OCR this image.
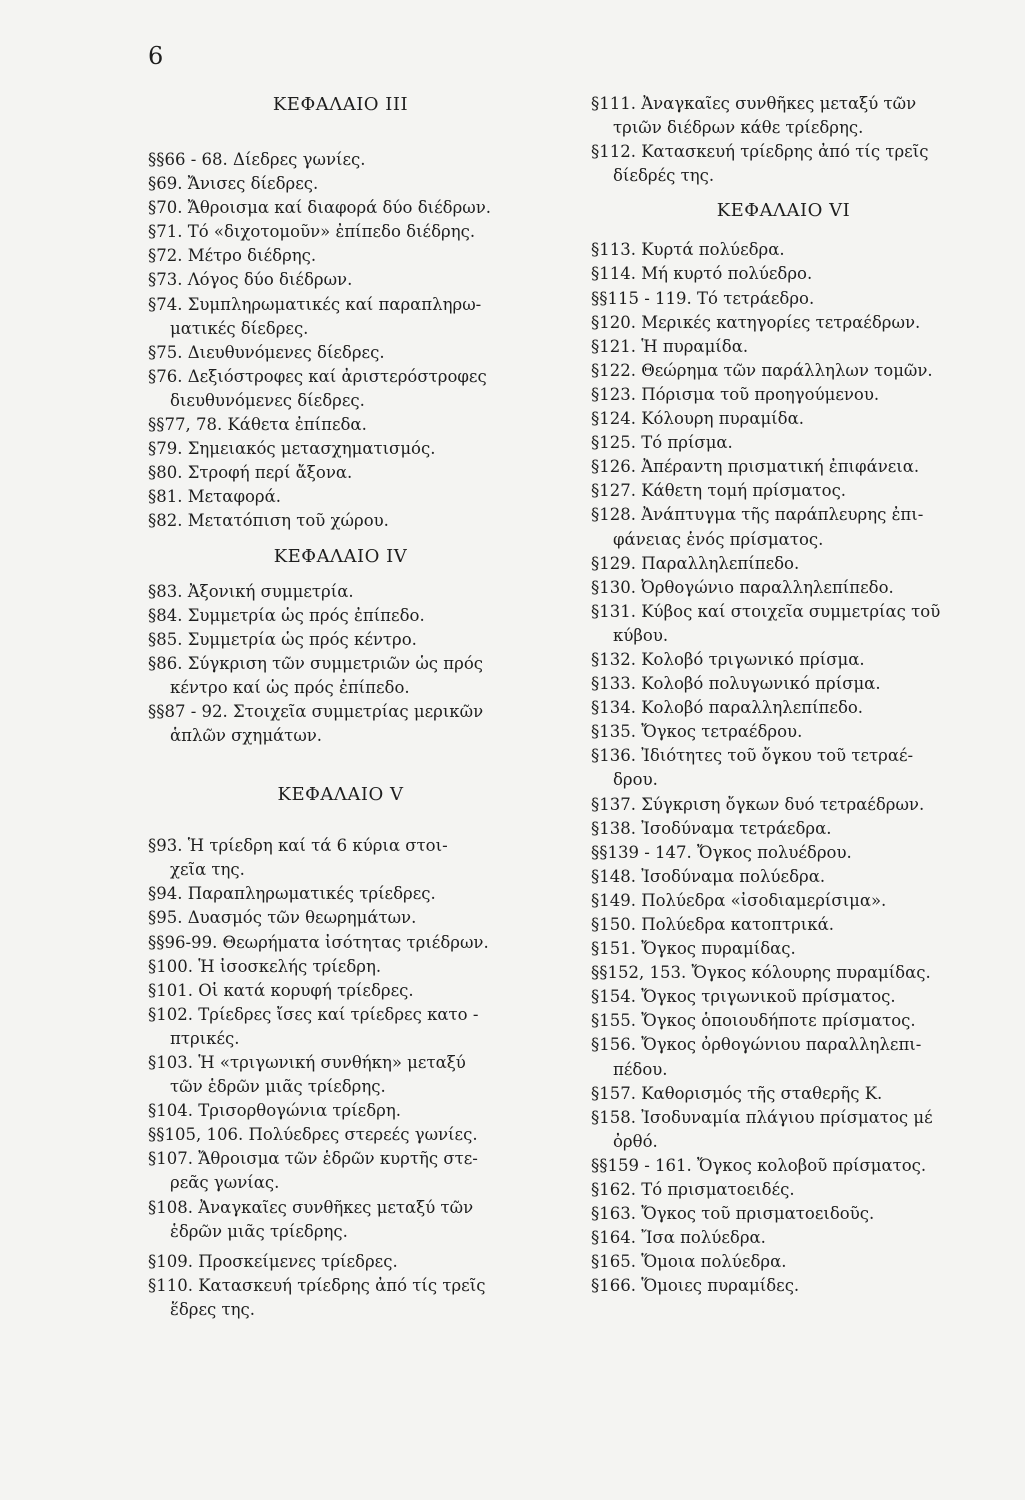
6
ΚΕΦΑΛΑΙΟ ΙΙΙ
§§66 - 68. Δίεδρες γωνίες.
§69. Ἄνισες δίεδρες.
§70. Ἄθροισμα καί διαφορά δύο διέδρων.
§71. Τό «διχοτομοῦν» ἐπίπεδο διέδρης.
§72. Μέτρο διέδρης.
§73. Λόγος δύο διέδρων.
§74. Συμπληρωματικές καί παραπληρω-
ματικές δίεδρες.
§75. Διευθυνόμενες δίεδρες.
§76. Δεξιόστροφες καί ἀριστερόστροφες
διευθυνόμενες δίεδρες.
§§77, 78. Κάθετα ἐπίπεδα.
§79. Σημειακός μετασχηματισμός.
§80. Στροφή περί ἄξονα.
§81. Μεταφορά.
§82. Μετατόπιση τοῦ χώρου.
ΚΕΦΑΛΑΙΟ ΙV
§83. Ἀξονική συμμετρία.
§84. Συμμετρία ὡς πρός ἐπίπεδο.
§85. Συμμετρία ὡς πρός κέντρο.
§86. Σύγκριση τῶν συμμετριῶν ὡς πρός
κέντρο καί ὡς πρός ἐπίπεδο.
§§87 - 92. Στοιχεῖα συμμετρίας μερικῶν
ἁπλῶν σχημάτων.
ΚΕΦΑΛΑΙΟ V
§93. Ἡ τρίεδρη καί τά 6 κύρια στοι-
χεῖα της.
§94. Παραπληρωματικές τρίεδρες.
§95. Δυασμός τῶν θεωρημάτων.
§§96-99. Θεωρήματα ἰσότητας τριέδρων.
§100. Ἡ ἰσοσκελής τρίεδρη.
§101. Οἱ κατά κορυφή τρίεδρες.
§102. Τρίεδρες ἴσες καί τρίεδρες κατο -
πτρικές.
§103. Ἡ «τριγωνική συνθήκη» μεταξύ
τῶν ἑδρῶν μιᾶς τρίεδρης.
§104. Τρισορθογώνια τρίεδρη.
§§105, 106. Πολύεδρες στερεές γωνίες.
§107. Ἄθροισμα τῶν ἑδρῶν κυρτῆς στε-
ρεᾶς γωνίας.
§108. Ἀναγκαῖες συνθῆκες μεταξύ τῶν
ἑδρῶν μιᾶς τρίεδρης.
§109. Προσκείμενες τρίεδρες.
§110. Κατασκευή τρίεδρης ἀπό τίς τρεῖς
ἕδρες της.
§111. Ἀναγκαῖες συνθῆκες μεταξύ τῶν
τριῶν διέδρων κάθε τρίεδρης.
§112. Κατασκευή τρίεδρης ἀπό τίς τρεῖς
δίεδρές της.
ΚΕΦΑΛΑΙΟ VI
§113. Κυρτά πολύεδρα.
§114. Μή κυρτό πολύεδρο.
§§115 - 119. Τό τετράεδρο.
§120. Μερικές κατηγορίες τετραέδρων.
§121. Ἡ πυραμίδα.
§122. Θεώρημα τῶν παράλληλων τομῶν.
§123. Πόρισμα τοῦ προηγούμενου.
§124. Κόλουρη πυραμίδα.
§125. Τό πρίσμα.
§126. Ἀπέραντη πρισματική ἐπιφάνεια.
§127. Κάθετη τομή πρίσματος.
§128. Ἀνάπτυγμα τῆς παράπλευρης ἐπι-
φάνειας ἑνός πρίσματος.
§129. Παραλληλεπίπεδο.
§130. Ὀρθογώνιο παραλληλεπίπεδο.
§131. Κύβος καί στοιχεῖα συμμετρίας τοῦ
κύβου.
§132. Κολοβό τριγωνικό πρίσμα.
§133. Κολοβό πολυγωνικό πρίσμα.
§134. Κολοβό παραλληλεπίπεδο.
§135. Ὄγκος τετραέδρου.
§136. Ἰδιότητες τοῦ ὄγκου τοῦ τετραέ-
δρου.
§137. Σύγκριση ὄγκων δυό τετραέδρων.
§138. Ἰσοδύναμα τετράεδρα.
§§139 - 147. Ὄγκος πολυέδρου.
§148. Ἰσοδύναμα πολύεδρα.
§149. Πολύεδρα «ἰσοδιαμερίσιμα».
§150. Πολύεδρα κατοπτρικά.
§151. Ὄγκος πυραμίδας.
§§152, 153. Ὄγκος κόλουρης πυραμίδας.
§154. Ὄγκος τριγωνικοῦ πρίσματος.
§155. Ὄγκος ὁποιουδήποτε πρίσματος.
§156. Ὄγκος ὀρθογώνιου παραλληλεπι-
πέδου.
§157. Καθορισμός τῆς σταθερῆς Κ.
§158. Ἰσοδυναμία πλάγιου πρίσματος μέ
ὀρθό.
§§159 - 161. Ὄγκος κολοβοῦ πρίσματος.
§162. Τό πρισματοειδές.
§163. Ὄγκος τοῦ πρισματοειδοῦς.
§164. Ἴσα πολύεδρα.
§165. Ὅμοια πολύεδρα.
§166. Ὅμοιες πυραμίδες.
